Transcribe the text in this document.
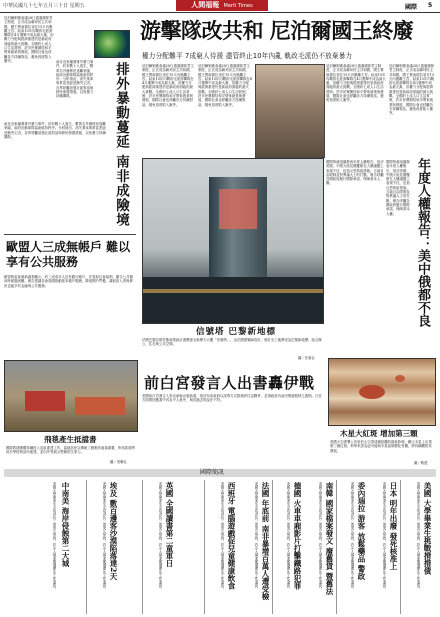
中華民國九十七年五月三十日 星期五	人間福報 Merit Times	國際 5
尼泊爾制憲會議28日通過廢除君主制度，正式成為聯邦民主共和國，國王賈南德拉須在15天內搬離王宮。結束10年內戰的毛派游擊隊在4月選舉中成為最大黨，但權力分配與經濟重建仍是新政府面臨的最大挑戰。全國約七成人口生活貧困，許多民眾期待和平帶來就業與發展，國際社會也呼籲各方持續對話，避免再度陷入衝突。	南非近來爆發排外暴力事件，約有數十人喪生、數萬名外籍移民逃離家園，政府出動軍隊協助維持秩序。分析指出，高失業率與貧富差距是衝突主因，各界呼籲加強社區對話與移民保護措施，以免暴力持續擴散。	排外暴動蔓延 南非成險境
南非近來爆發排外暴力事件，約有數十人喪生、數萬名外籍移民逃離家園，政府出動軍隊協助維持秩序。分析指出，高失業率與貧富差距是衝突主因，各界呼籲加強社區對話與移民保護措施，以免暴力持續擴散。
游擊隊改共和 尼泊爾國王終廢
權力分配難平 7成窮人待援 盡管終止10年內亂 軌政毛派仍不放棄暴力
尼泊爾制憲會議28日通過廢除君主制度，正式成為聯邦民主共和國，國王賈南德拉須在15天內搬離王宮。結束10年內戰的毛派游擊隊在4月選舉中成為最大黨，但權力分配與經濟重建仍是新政府面臨的最大挑戰。全國約七成人口生活貧困，許多民眾期待和平帶來就業與發展，國際社會也呼籲各方持續對話，避免再度陷入衝突。
尼泊爾制憲會議28日通過廢除君主制度，正式成為聯邦民主共和國，國王賈南德拉須在15天內搬離王宮。結束10年內戰的毛派游擊隊在4月選舉中成為最大黨，但權力分配與經濟重建仍是新政府面臨的最大挑戰。全國約七成人口生活貧困，許多民眾期待和平帶來就業與發展，國際社會也呼籲各方持續對話，避免再度陷入衝突。
尼泊爾制憲會議28日通過廢除君主制度，正式成為聯邦民主共和國，國王賈南德拉須在15天內搬離王宮。結束10年內戰的毛派游擊隊在4月選舉中成為最大黨，但權力分配與經濟重建仍是新政府面臨的最大挑戰。全國約七成人口生活貧困，許多民眾期待和平帶來就業與發展，國際社會也呼籲各方持續對話，避免再度陷入衝突。
尼泊爾制憲會議28日通過廢除君主制度，正式成為聯邦民主共和國，國王賈南德拉須在15天內搬離王宮。結束10年內戰的毛派游擊隊在4月選舉中成為最大黨，但權力分配與經濟重建仍是新政府面臨的最大挑戰。全國約七成人口生活貧困，許多民眾期待和平帶來就業與發展，國際社會也呼籲各方持續對話，避免再度陷入衝突。
信號塔 巴黎新地標
法國巴黎拉德芳斯商業區計畫興建全新摩天大樓「信號塔」，由法國建築師設計，預計完工後將成為巴黎新地標，結合辦公、住宅與公共空間。
圖／法新社
國際特赦組織發表年度人權報告，批評美國、中國大陸及俄羅斯在人權議題上表現不佳，包括反恐拘留措施、言論自由限制及對異議人士的打壓。報告呼籲各國政府履行國際承諾，保障基本人權。
國際特赦組織發表年度人權報告，批評美國、中國大陸及俄羅斯在人權議題上表現不佳，包括反恐拘留措施、言論自由限制及對異議人士的打壓。報告呼籲各國政府履行國際承諾，保障基本人權。	年度人權報告：美中俄都不良
歐盟人三成無帳戶 難以享有公共服務
歐盟執委會最新調查顯示，約三成成年人沒有銀行帳戶，在領取社會福利、繳交公共費用時面臨困難。報告建議各會員國推動基本帳戶服務，降低開戶門檻，讓低收入者與移民也能享有金融與公共服務。
飛毯產生抵擋書
國際救援團體持續投入災區重建工作，當地居民以傳統工藝製作地毯義賣，所得款項將用於學校與診所重建，並向外界展示堅韌的生命力。
圖／美聯社
前白宮發言人出書轟伊戰
美國前白宮發言人麥克萊倫出版新書，批評布希政府以誤導方式推銷伊拉克戰爭，並指政府內部決策過程缺乏透明。白宮方面則回應書中內容令人意外，與其過去的說法不符。
木星大紅斑 增加第三顆
美國太空總署公布哈伯太空望遠鏡拍攝的最新影像，顯示木星上出現第三個紅斑，科學家認為這可能與木星氣候變化有關，將持續觀察其發展。
圖／路透
國際簡訊
美國 大學畢業生挑戰揹揹債
美國大學畢業生平均背負二萬美元學貸，許多人畢業後選擇先工作還款。
日本 明年出廢 發死核准上
美國大學畢業生平均背負二萬美元學貸，許多人畢業後選擇先工作還款。
委內瑞拉 游客 放鬆藥品 警政
美國大學畢業生平均背負二萬美元學貸，許多人畢業後選擇先工作還款。
南韓 國家檔案發文 廢舊貨 暨舊法
美國大學畢業生平均背負二萬美元學貸，許多人畢業後選擇先工作還款。
德國 火車車廂影片打擊鐵路犯罪
美國大學畢業生平均背負二萬美元學貸，許多人畢業後選擇先工作還款。
法國 年底前 南非暴增百萬人遭受檢
美國大學畢業生平均背負二萬美元學貸，許多人畢業後選擇先工作還款。
西班牙 電腦遊戲促兒童健康飲食
美國大學畢業生平均背負二萬美元學貸，許多人畢業後選擇先工作還款。
英國 全國讀書第二童軍日
美國大學畢業生平均背負二萬美元學貸，許多人畢業後選擇先工作還款。
埃及 數百邊客沙漠陷落達2天
美國大學畢業生平均背負二萬美元學貸，許多人畢業後選擇先工作還款。
中南美 海岸侵蝕第二大城
美國大學畢業生平均背負二萬美元學貸，許多人畢業後選擇先工作還款。
